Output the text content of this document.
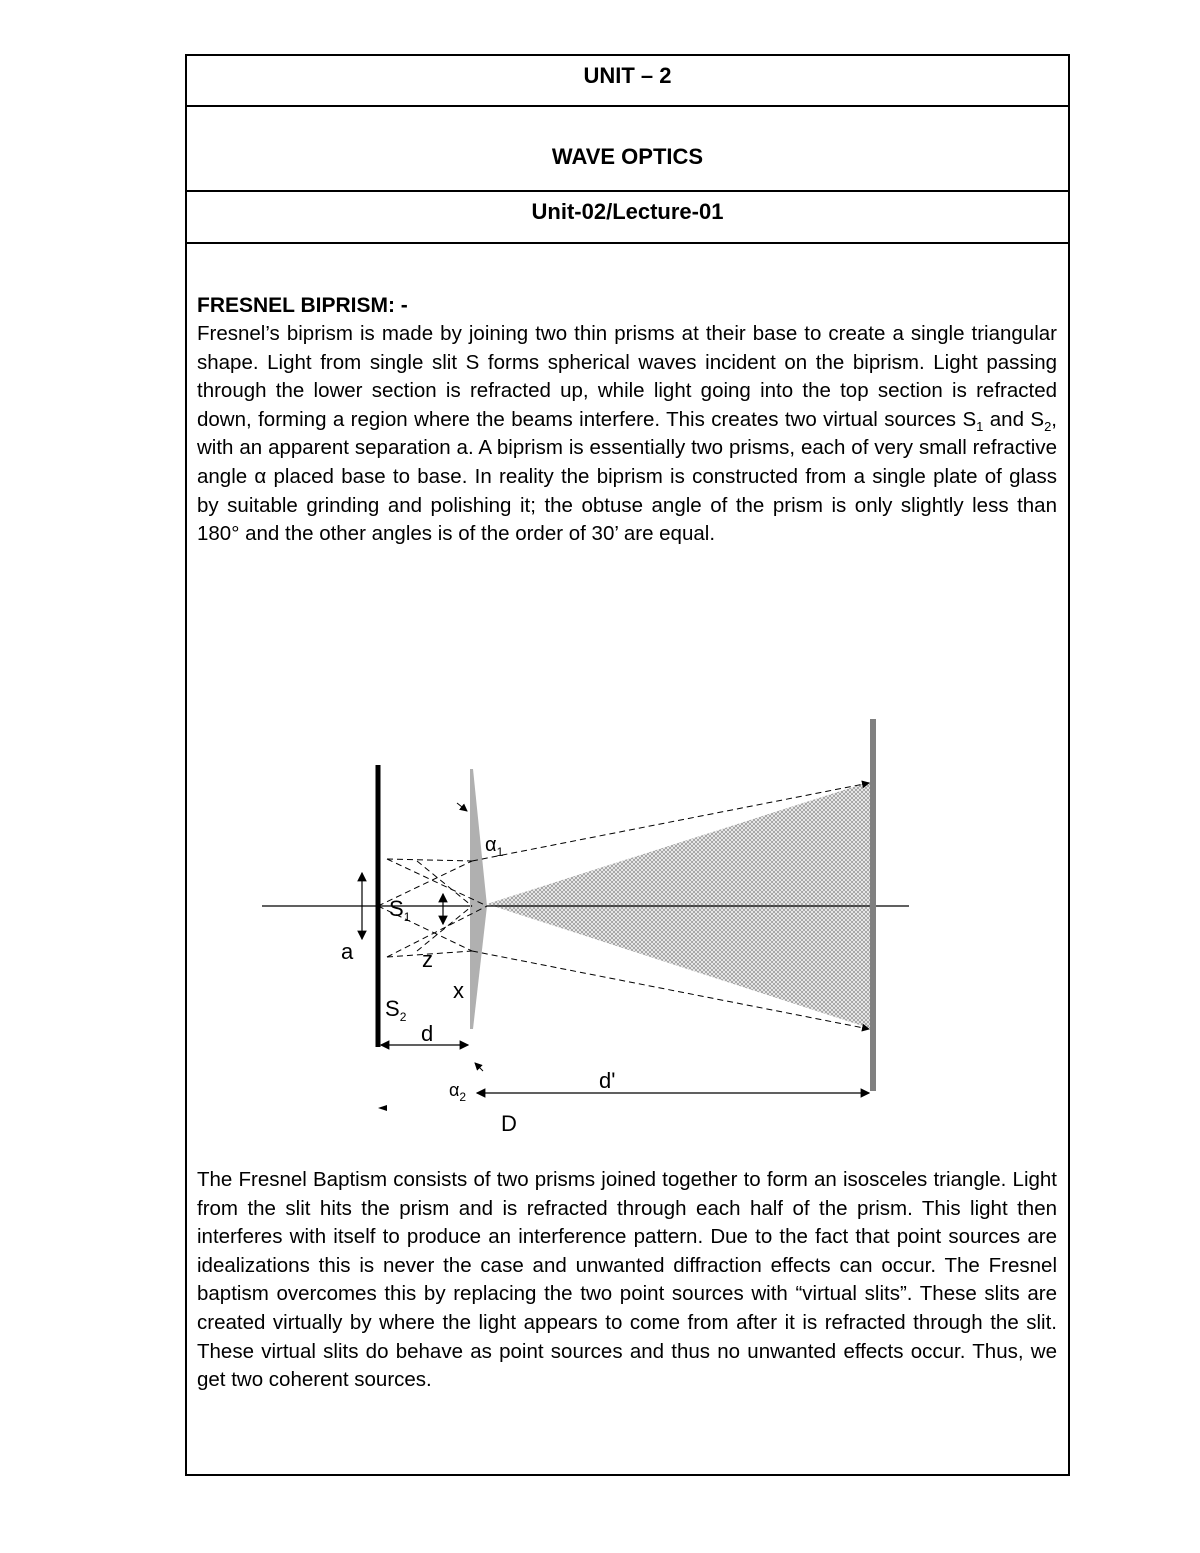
UNIT – 2
WAVE OPTICS
Unit-02/Lecture-01
FRESNEL BIPRISM: -
Fresnel’s biprism is made by joining two thin prisms at their base to create a single triangular shape. Light from single slit S forms spherical waves incident on the biprism. Light passing through the lower section is refracted up, while light going into the top section is refracted down, forming a region where the beams interfere. This creates two virtual sources $S_1$ and $S_2$, with an apparent separation a. A biprism is essentially two prisms, each of very small refractive angle α placed base to base. In reality the biprism is constructed from a single plate of glass by suitable grinding and polishing it; the obtuse angle of the prism is only slightly less than 180° and the other angles is of the order of 30’ are equal.
$\alpha_1$
$S_1$
a	z
x
$S_2$
d
$\alpha_2$
d'
D
The Fresnel Baptism consists of two prisms joined together to form an isosceles triangle. Light from the slit hits the prism and is refracted through each half of the prism. This light then interferes with itself to produce an interference pattern. Due to the fact that point sources are idealizations this is never the case and unwanted diffraction effects can occur. The Fresnel baptism overcomes this by replacing the two point sources with “virtual slits”. These slits are created virtually by where the light appears to come from after it is refracted through the slit. These virtual slits do behave as point sources and thus no unwanted effects occur. Thus, we get two coherent sources.
